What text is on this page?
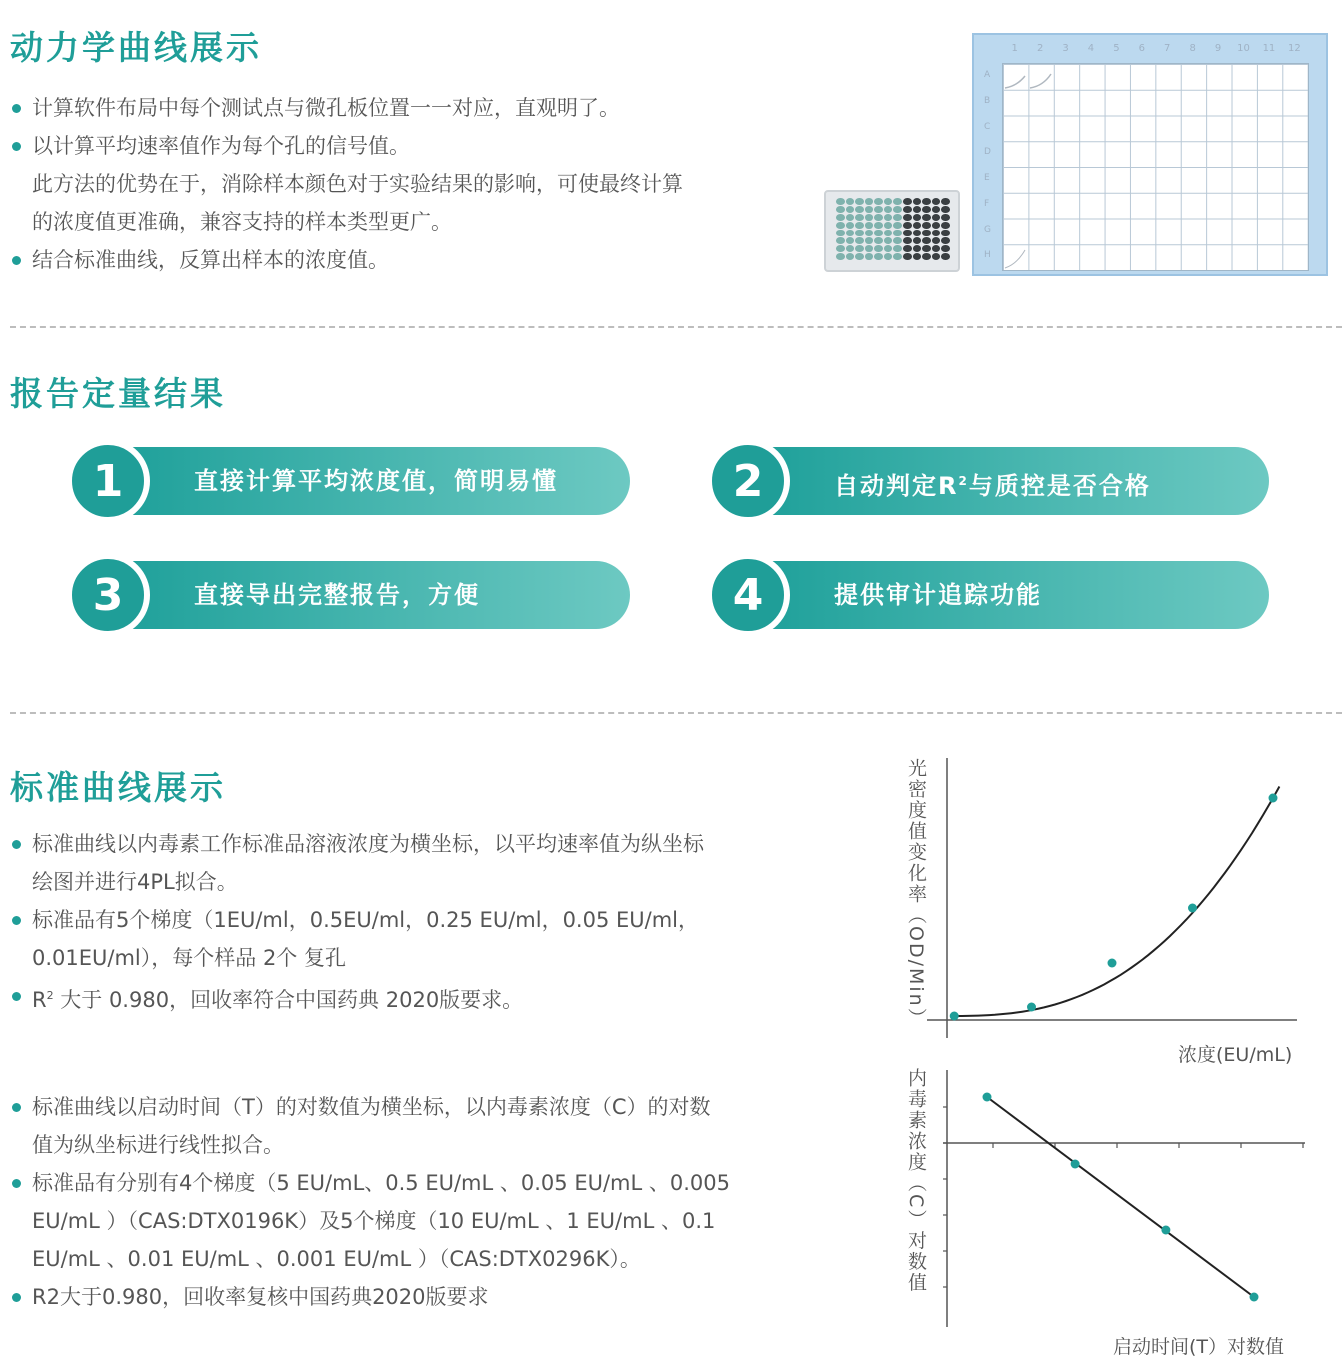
动力学曲线展示
计算软件布局中每个测试点与微孔板位置一一对应，直观明了。
以计算平均速率值作为每个孔的信号值。
此方法的优势在于，消除样本颜色对于实验结果的影响，可使最终计算
的浓度值更准确，兼容支持的样本类型更广。
结合标准曲线，反算出样本的浓度值。
1	2	3	4	5	6	7	8	9	10	11	12
A
B
C
D
E
F
G
H
报告定量结果
1	直接计算平均浓度值，简明易懂	2	自动判定$R^2$与质控是否合格
3	直接导出完整报告，方便	4	提供审计追踪功能
标准曲线展示
标准曲线以内毒素工作标准品溶液浓度为横坐标，以平均速率值为纵坐标
绘图并进行4PL拟合。
标准品有5个梯度（1EU/ml，0.5EU/ml，0.25 EU/ml，0.05 EU/ml，
0.01EU/ml），每个样品 2个 复孔
$R^2$ 大于 0.980，回收率符合中国药典 2020版要求。
标准曲线以启动时间（T）的对数值为横坐标，以内毒素浓度（C）的对数
值为纵坐标进行线性拟合。
标准品有分别有4个梯度（5 EU/mL、0.5 EU/mL 、0.05 EU/mL 、0.005
EU/mL ）（CAS:DTX0196K）及5个梯度（10 EU/mL 、1 EU/mL 、0.1
EU/mL 、0.01 EU/mL 、0.001 EU/mL ）（CAS:DTX0296K）。
R2大于0.980，回收率复核中国药典2020版要求
光密度值变化率（OD/Min）
浓度(EU/mL)
内毒素浓度（C）对数值
启动时间(T）对数值
